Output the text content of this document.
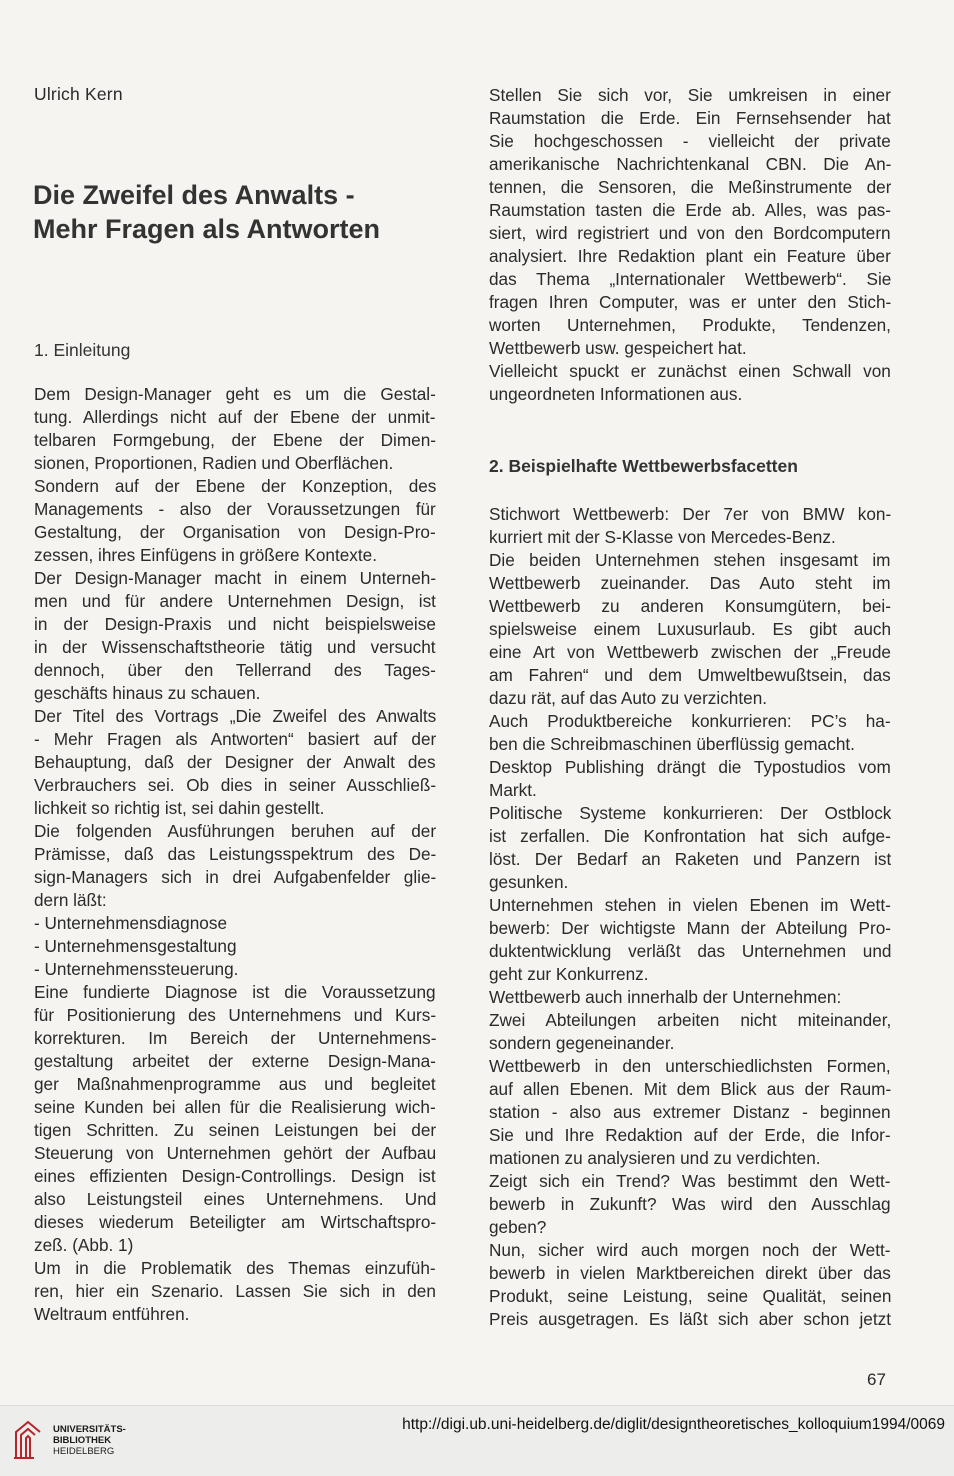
Ulrich Kern
Die Zweifel des Anwalts -
Mehr Fragen als Antworten
1. Einleitung
Dem Design-Manager geht es um die Gestal-
tung. Allerdings nicht auf der Ebene der unmit-
telbaren Formgebung, der Ebene der Dimen-
sionen, Proportionen, Radien und Oberflächen.
Sondern auf der Ebene der Konzeption, des
Managements - also der Voraussetzungen für
Gestaltung, der Organisation von Design-Pro-
zessen, ihres Einfügens in größere Kontexte.
Der Design-Manager macht in einem Unterneh-
men und für andere Unternehmen Design, ist
in der Design-Praxis und nicht beispielsweise
in der Wissenschaftstheorie tätig und versucht
dennoch, über den Tellerrand des Tages-
geschäfts hinaus zu schauen.
Der Titel des Vortrags „Die Zweifel des Anwalts
- Mehr Fragen als Antworten“ basiert auf der
Behauptung, daß der Designer der Anwalt des
Verbrauchers sei. Ob dies in seiner Ausschließ-
lichkeit so richtig ist, sei dahin gestellt.
Die folgenden Ausführungen beruhen auf der
Prämisse, daß das Leistungsspektrum des De-
sign-Managers sich in drei Aufgabenfelder glie-
dern läßt:
- Unternehmensdiagnose
- Unternehmensgestaltung
- Unternehmenssteuerung.
Eine fundierte Diagnose ist die Voraussetzung
für Positionierung des Unternehmens und Kurs-
korrekturen. Im Bereich der Unternehmens-
gestaltung arbeitet der externe Design-Mana-
ger Maßnahmenprogramme aus und begleitet
seine Kunden bei allen für die Realisierung wich-
tigen Schritten. Zu seinen Leistungen bei der
Steuerung von Unternehmen gehört der Aufbau
eines effizienten Design-Controllings. Design ist
also Leistungsteil eines Unternehmens. Und
dieses wiederum Beteiligter am Wirtschaftspro-
zeß. (Abb. 1)
Um in die Problematik des Themas einzufüh-
ren, hier ein Szenario. Lassen Sie sich in den
Weltraum entführen.
Stellen Sie sich vor, Sie umkreisen in einer
Raumstation die Erde. Ein Fernsehsender hat
Sie hochgeschossen - vielleicht der private
amerikanische Nachrichtenkanal CBN. Die An-
tennen, die Sensoren, die Meßinstrumente der
Raumstation tasten die Erde ab. Alles, was pas-
siert, wird registriert und von den Bordcomputern
analysiert. Ihre Redaktion plant ein Feature über
das Thema „Internationaler Wettbewerb“. Sie
fragen Ihren Computer, was er unter den Stich-
worten Unternehmen, Produkte, Tendenzen,
Wettbewerb usw. gespeichert hat.
Vielleicht spuckt er zunächst einen Schwall von
ungeordneten Informationen aus.
2. Beispielhafte Wettbewerbsfacetten
Stichwort Wettbewerb: Der 7er von BMW kon-
kurriert mit der S-Klasse von Mercedes-Benz.
Die beiden Unternehmen stehen insgesamt im
Wettbewerb zueinander. Das Auto steht im
Wettbewerb zu anderen Konsumgütern, bei-
spielsweise einem Luxusurlaub. Es gibt auch
eine Art von Wettbewerb zwischen der „Freude
am Fahren“ und dem Umweltbewußtsein, das
dazu rät, auf das Auto zu verzichten.
Auch Produktbereiche konkurrieren: PC’s ha-
ben die Schreibmaschinen überflüssig gemacht.
Desktop Publishing drängt die Typostudios vom
Markt.
Politische Systeme konkurrieren: Der Ostblock
ist zerfallen. Die Konfrontation hat sich aufge-
löst. Der Bedarf an Raketen und Panzern ist
gesunken.
Unternehmen stehen in vielen Ebenen im Wett-
bewerb: Der wichtigste Mann der Abteilung Pro-
duktentwicklung verläßt das Unternehmen und
geht zur Konkurrenz.
Wettbewerb auch innerhalb der Unternehmen:
Zwei Abteilungen arbeiten nicht miteinander,
sondern gegeneinander.
Wettbewerb in den unterschiedlichsten Formen,
auf allen Ebenen. Mit dem Blick aus der Raum-
station - also aus extremer Distanz - beginnen
Sie und Ihre Redaktion auf der Erde, die Infor-
mationen zu analysieren und zu verdichten.
Zeigt sich ein Trend? Was bestimmt den Wett-
bewerb in Zukunft? Was wird den Ausschlag
geben?
Nun, sicher wird auch morgen noch der Wett-
bewerb in vielen Marktbereichen direkt über das
Produkt, seine Leistung, seine Qualität, seinen
Preis ausgetragen. Es läßt sich aber schon jetzt
67
UNIVERSITÄTS-
BIBLIOTHEK
HEIDELBERG
http://digi.ub.uni-heidelberg.de/diglit/designtheoretisches_kolloquium1994/0069
